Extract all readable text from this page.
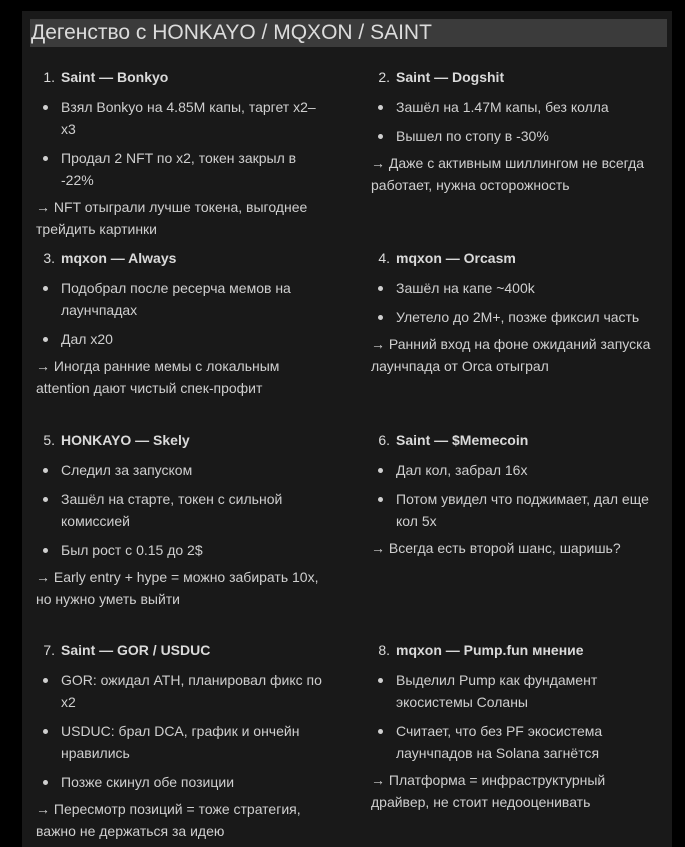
Дегенство с HONKAYO / MQXON / SAINT
1. Saint — Bonkyo
Взял Bonkyo на 4.85M капы, таргет х2–х3
Продал 2 NFT по х2, токен закрыл в -22%
→ NFT отыграли лучше токена, выгоднее трейдить картинки
2. Saint — Dogshit
Зашёл на 1.47M капы, без колла
Вышел по стопу в -30%
→ Даже с активным шиллингом не всегда работает, нужна осторожность
3. mqxon — Always
Подобрал после ресерча мемов на лаунчпадах
Дал х20
→ Иногда ранние мемы с локальным attention дают чистый спек-профит
4. mqxon — Orcasm
Зашёл на капе ~400k
Улетело до 2M+, позже фиксил часть
→ Ранний вход на фоне ожиданий запуска лаунчпада от Orca отыграл
5. HONKAYO — Skely
Следил за запуском
Зашёл на старте, токен с сильной комиссией
Был рост с 0.15 до 2$
→ Early entry + hype = можно забирать 10x, но нужно уметь выйти
6. Saint — $Memecoin
Дал кол, забрал 16х
Потом увидел что поджимает, дал еще кол 5х
→ Всегда есть второй шанс, шаришь?
7. Saint — GOR / USDUC
GOR: ожидал ATH, планировал фикс по х2
USDUC: брал DCA, график и ончейн нравились
Позже скинул обе позиции
→ Пересмотр позиций = тоже стратегия, важно не держаться за идею
8. mqxon — Pump.fun мнение
Выделил Pump как фундамент экосистемы Соланы
Считает, что без PF экосистема лаунчпадов на Solana загнётся
→ Платформа = инфраструктурный драйвер, не стоит недооценивать
